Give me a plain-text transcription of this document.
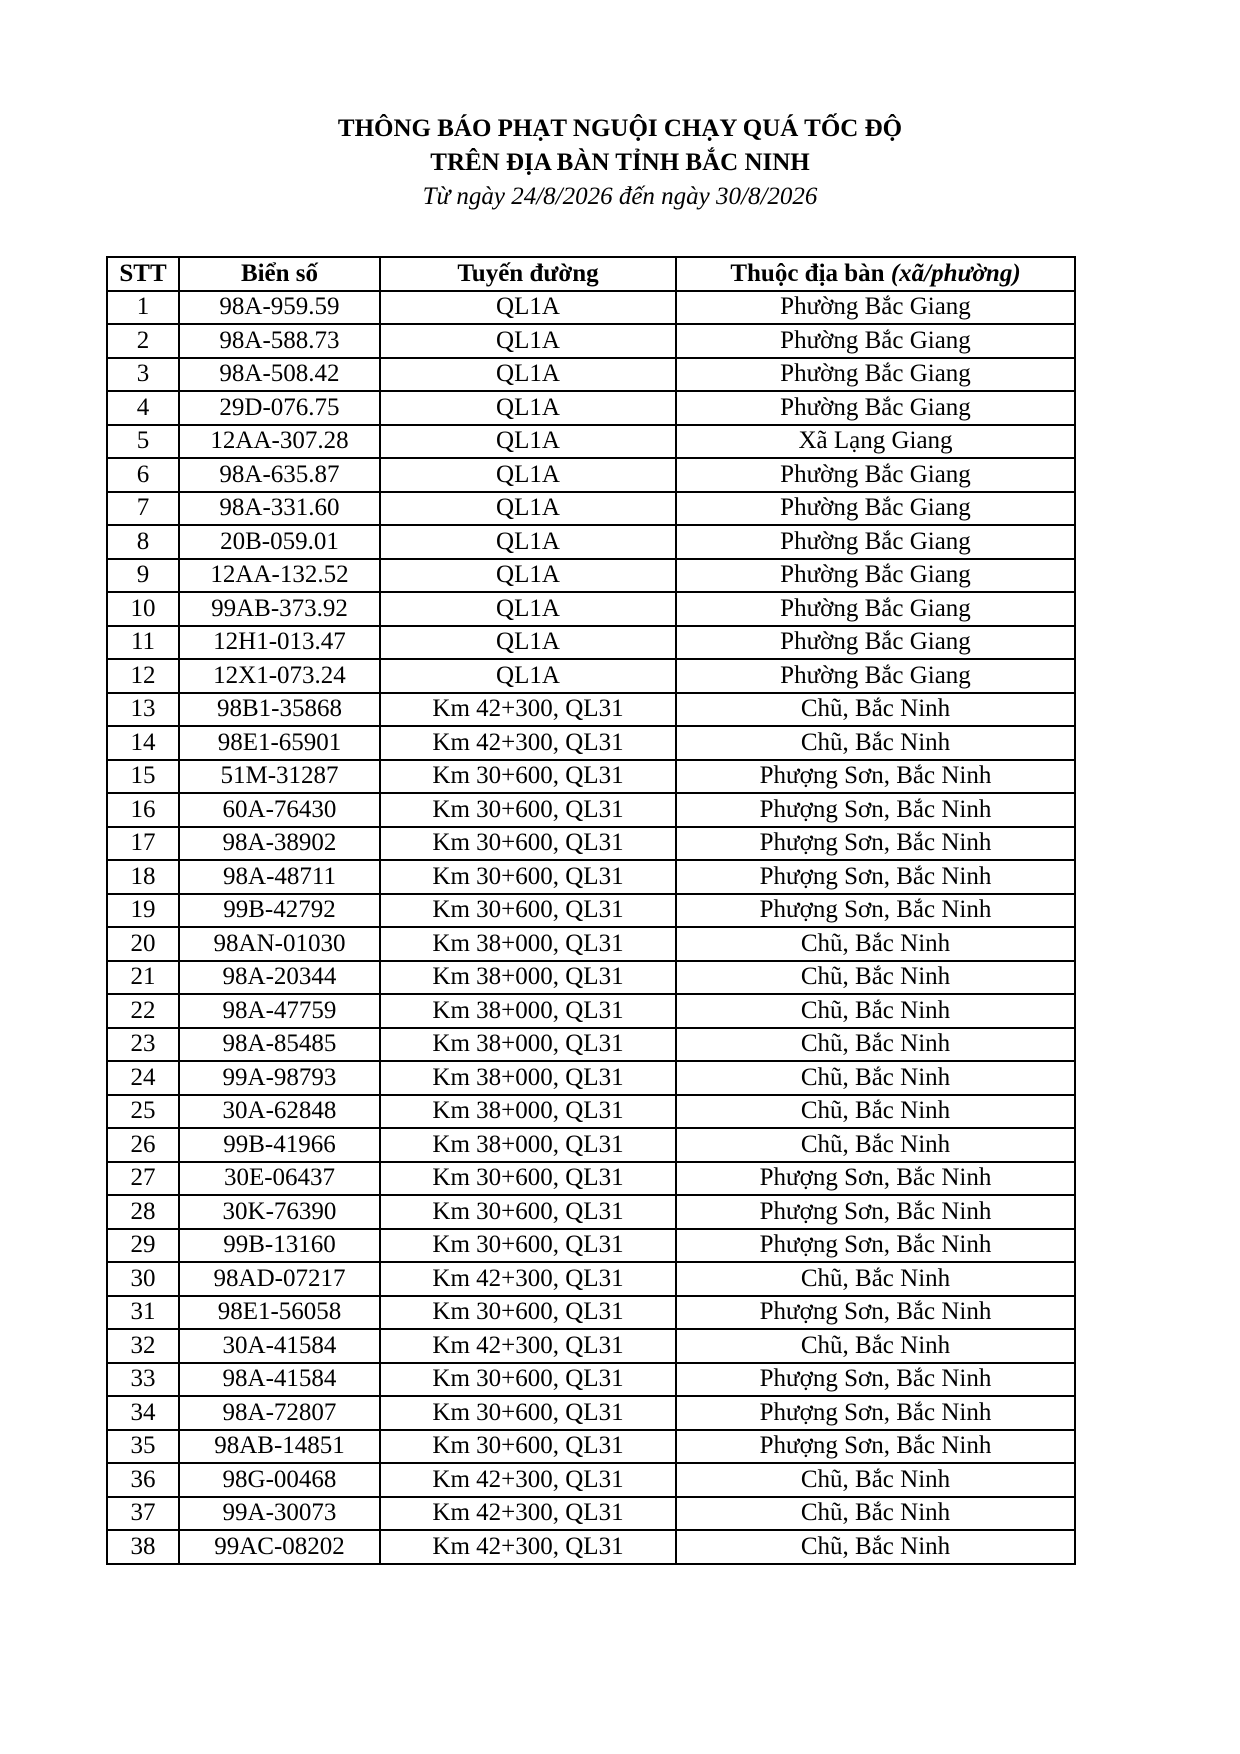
THÔNG BÁO PHẠT NGUỘI CHẠY QUÁ TỐC ĐỘ
TRÊN ĐỊA BÀN TỈNH BẮC NINH
Từ ngày 24/8/2026 đến ngày 30/8/2026
STT	Biển số	Tuyến đường	Thuộc địa bàn (xã/phường)
1	98A-959.59	QL1A	Phường Bắc Giang
2	98A-588.73	QL1A	Phường Bắc Giang
3	98A-508.42	QL1A	Phường Bắc Giang
4	29D-076.75	QL1A	Phường Bắc Giang
5	12AA-307.28	QL1A	Xã Lạng Giang
6	98A-635.87	QL1A	Phường Bắc Giang
7	98A-331.60	QL1A	Phường Bắc Giang
8	20B-059.01	QL1A	Phường Bắc Giang
9	12AA-132.52	QL1A	Phường Bắc Giang
10	99AB-373.92	QL1A	Phường Bắc Giang
11	12H1-013.47	QL1A	Phường Bắc Giang
12	12X1-073.24	QL1A	Phường Bắc Giang
13	98B1-35868	Km 42+300, QL31	Chũ, Bắc Ninh
14	98E1-65901	Km 42+300, QL31	Chũ, Bắc Ninh
15	51M-31287	Km 30+600, QL31	Phượng Sơn, Bắc Ninh
16	60A-76430	Km 30+600, QL31	Phượng Sơn, Bắc Ninh
17	98A-38902	Km 30+600, QL31	Phượng Sơn, Bắc Ninh
18	98A-48711	Km 30+600, QL31	Phượng Sơn, Bắc Ninh
19	99B-42792	Km 30+600, QL31	Phượng Sơn, Bắc Ninh
20	98AN-01030	Km 38+000, QL31	Chũ, Bắc Ninh
21	98A-20344	Km 38+000, QL31	Chũ, Bắc Ninh
22	98A-47759	Km 38+000, QL31	Chũ, Bắc Ninh
23	98A-85485	Km 38+000, QL31	Chũ, Bắc Ninh
24	99A-98793	Km 38+000, QL31	Chũ, Bắc Ninh
25	30A-62848	Km 38+000, QL31	Chũ, Bắc Ninh
26	99B-41966	Km 38+000, QL31	Chũ, Bắc Ninh
27	30E-06437	Km 30+600, QL31	Phượng Sơn, Bắc Ninh
28	30K-76390	Km 30+600, QL31	Phượng Sơn, Bắc Ninh
29	99B-13160	Km 30+600, QL31	Phượng Sơn, Bắc Ninh
30	98AD-07217	Km 42+300, QL31	Chũ, Bắc Ninh
31	98E1-56058	Km 30+600, QL31	Phượng Sơn, Bắc Ninh
32	30A-41584	Km 42+300, QL31	Chũ, Bắc Ninh
33	98A-41584	Km 30+600, QL31	Phượng Sơn, Bắc Ninh
34	98A-72807	Km 30+600, QL31	Phượng Sơn, Bắc Ninh
35	98AB-14851	Km 30+600, QL31	Phượng Sơn, Bắc Ninh
36	98G-00468	Km 42+300, QL31	Chũ, Bắc Ninh
37	99A-30073	Km 42+300, QL31	Chũ, Bắc Ninh
38	99AC-08202	Km 42+300, QL31	Chũ, Bắc Ninh
